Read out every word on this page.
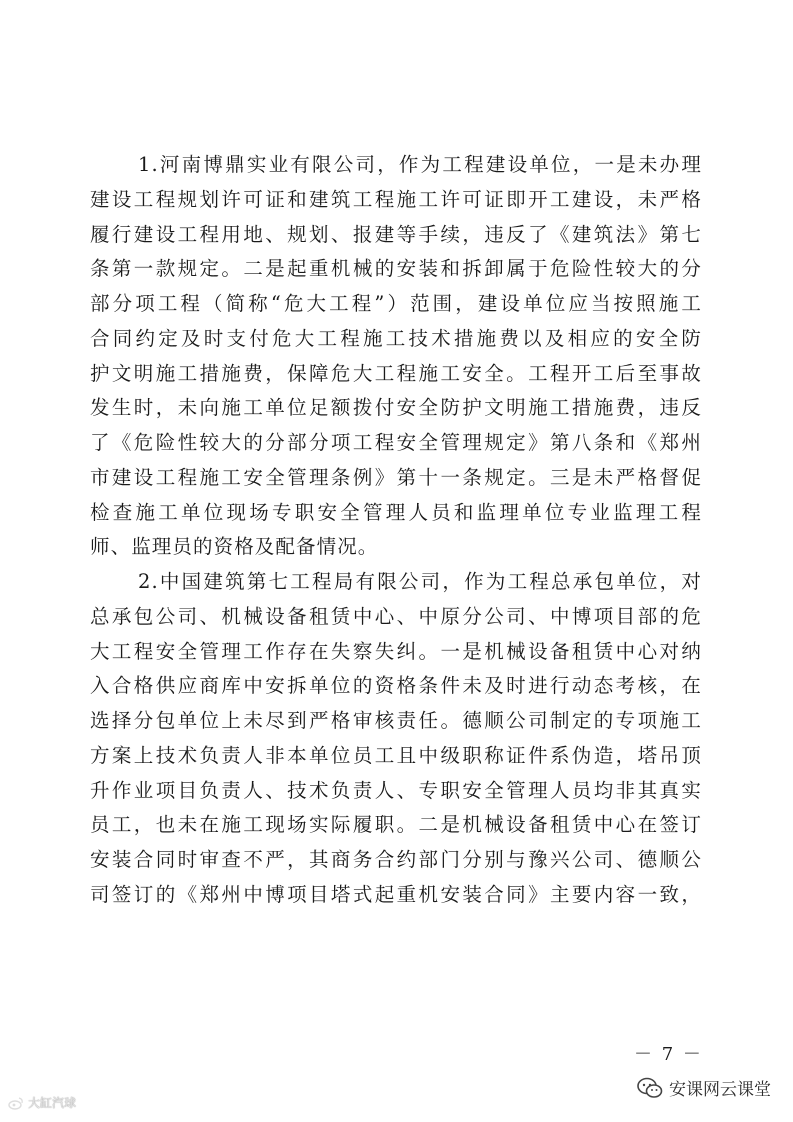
1.河南博鼎实业有限公司，作为工程建设单位，一是未办理
建设工程规划许可证和建筑工程施工许可证即开工建设，未严格
履行建设工程用地、规划、报建等手续，违反了《建筑法》第七
条第一款规定。二是起重机械的安装和拆卸属于危险性较大的分
部分项工程（简称“危大工程”）范围，建设单位应当按照施工
合同约定及时支付危大工程施工技术措施费以及相应的安全防
护文明施工措施费，保障危大工程施工安全。工程开工后至事故
发生时，未向施工单位足额拨付安全防护文明施工措施费，违反
了《危险性较大的分部分项工程安全管理规定》第八条和《郑州
市建设工程施工安全管理条例》第十一条规定。三是未严格督促
检查施工单位现场专职安全管理人员和监理单位专业监理工程
师、监理员的资格及配备情况。
2.中国建筑第七工程局有限公司，作为工程总承包单位，对
总承包公司、机械设备租赁中心、中原分公司、中博项目部的危
大工程安全管理工作存在失察失纠。一是机械设备租赁中心对纳
入合格供应商库中安拆单位的资格条件未及时进行动态考核，在
选择分包单位上未尽到严格审核责任。德顺公司制定的专项施工
方案上技术负责人非本单位员工且中级职称证件系伪造，塔吊顶
升作业项目负责人、技术负责人、专职安全管理人员均非其真实
员工，也未在施工现场实际履职。二是机械设备租赁中心在签订
安装合同时审查不严，其商务合约部门分别与豫兴公司、德顺公
司签订的《郑州中博项目塔式起重机安装合同》主要内容一致，
－ 7 －
安课网云课堂
大缸汽球
